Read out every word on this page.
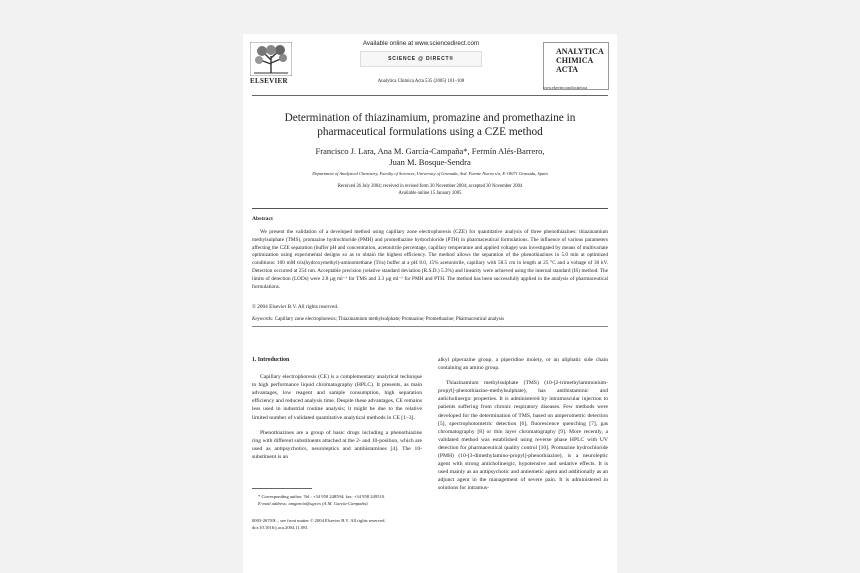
ELSEVIER
Available online at www.sciencedirect.com
SCIENCE @ DIRECT®
Analytica Chimica Acta 535 (2005) 101–108
ANALYTICA
CHIMICA
ACTA
www.elsevier.com/locate/aca
Determination of thiazinamium, promazine and promethazine in pharmaceutical formulations using a CZE method
Francisco J. Lara, Ana M. García-Campaña*, Fermín Alés-Barrero,
Juan M. Bosque-Sendra
Department of Analytical Chemistry, Faculty of Sciences, University of Granada, Avd. Fuente Nueva s/n, E-18071 Granada, Spain
Received 26 July 2004; received in revised form 30 November 2004; accepted 30 November 2004
Available online 15 January 2005
Abstract
We present the validation of a developed method using capillary zone electrophoresis (CZE) for quantitative analysis of three phenothiazines: thiazinamium methylsulphate (TMS), promazine hydrochloride (PMH) and promethazine hydrochloride (PTH) in pharmaceutical formulations. The influence of various parameters affecting the CZE separation (buffer pH and concentration, acetonitrile percentage, capillary temperature and applied voltage) was investigated by means of multivariate optimization using experimental designs so as to obtain the highest efficiency. The method allows the separation of the phenothiazines in 5.0 min at optimized conditions: 100 mM tris(hydroxymethyl)-aminomethane (Tris) buffer at a pH 8.0, 15% acetonitrile, capillary with 58.5 cm in length at 25 °C and a voltage of 30 kV. Detection occurred at 254 nm. Acceptable precision (relative standard deviation (R.S.D.) 5.3%) and linearity were achieved using the internal standard (IS) method. The limits of detection (LODs) were 2.8 µg ml⁻¹ for TMS and 3.3 µg ml⁻¹ for PMH and PTH. The method has been successfully applied in the analysis of pharmaceutical formulations.
© 2004 Elsevier B.V. All rights reserved.
Keywords: Capillary zone electrophoresis; Thiazinamium methylsulphate; Promazine; Promethazine; Pharmaceutical analysis
1. Introduction

Capillary electrophoresis (CE) is a complementary analytical technique to high performance liquid chromatography (HPLC). It presents, as main advantages, low reagent and sample consumption, high separation efficiency and reduced analysis time. Despite these advantages, CE remains less used in industrial routine analysis; it might be due to the relative limited number of validated quantitative analytical methods in CE [1–3].

Phenothiazines are a group of basic drugs including a phenothiazine ring with different substituents attached at the 2- and 10-position, which are used as antipsychotics, neuroleptics and antihistamines [4]. The 10-substituent is an

alkyl piperazine group, a piperidine moiety, or an aliphatic side chain containing an amino group.

Thiazinamium methylsulphate (TMS) (10-[2-trimethylammonium-propyl]-phenothiazine-methylsulphate), has antihistaminic and anticholinergic properties. It is administered by intramuscular injection to patients suffering from chronic respiratory diseases. Few methods were developed for the determination of TMS, based on amperometric detection [5], spectrophotometric detection [6], fluorescence quenching [7], gas chromatography [8] or thin layer chromatography [9]. More recently, a validated method was established using reverse phase HPLC with UV detection for pharmaceutical quality control [10]. Promazine hydrochloride (PMH) (10-[3-dimethylamino-propyl]-phenothiazine), is a neuroleptic agent with strong anticholinergic, hypotensive and sedative effects. It is used mainly as an antipsychotic and antiemetic agent and additionally as an adjunct agent in the management of severe pain. It is administered in solutions for intramus-

* Corresponding author. Tel.: +34 958 248594; fax: +34 958 249510.
E-mail address: amgarcia@ugr.es (A.M. García-Campaña).
0003-2670/$ – see front matter © 2004 Elsevier B.V. All rights reserved.
doi:10.1016/j.aca.2004.11.081
